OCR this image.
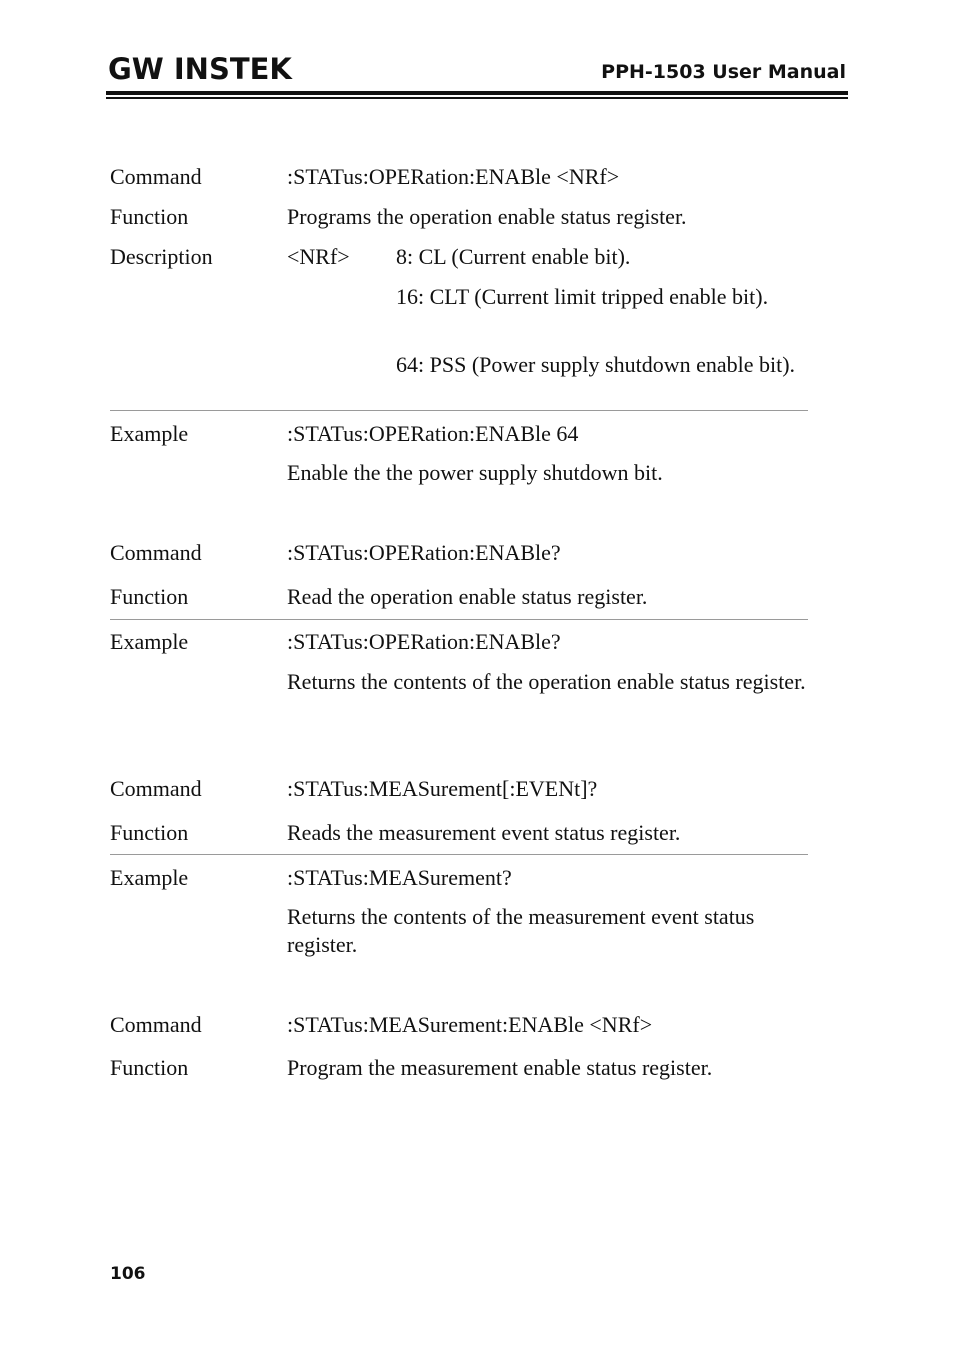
GW INSTEK	PPH-1503 User Manual
Command	:STATus:OPERation:ENABle <NRf>
Function	Programs the operation enable status register.
Description	<NRf> 8: CL (Current enable bit).
16: CLT (Current limit tripped enable bit).
64: PSS (Power supply shutdown enable bit).
Example	:STATus:OPERation:ENABle 64
Enable the the power supply shutdown bit.
Command	:STATus:OPERation:ENABle?
Function	Read the operation enable status register.
Example	:STATus:OPERation:ENABle?
Returns the contents of the operation enable status register.
Command	:STATus:MEASurement[:EVENt]?
Function	Reads the measurement event status register.
Example	:STATus:MEASurement?
Returns the contents of the measurement event status register.
Command	:STATus:MEASurement:ENABle <NRf>
Function	Program the measurement enable status register.
106
